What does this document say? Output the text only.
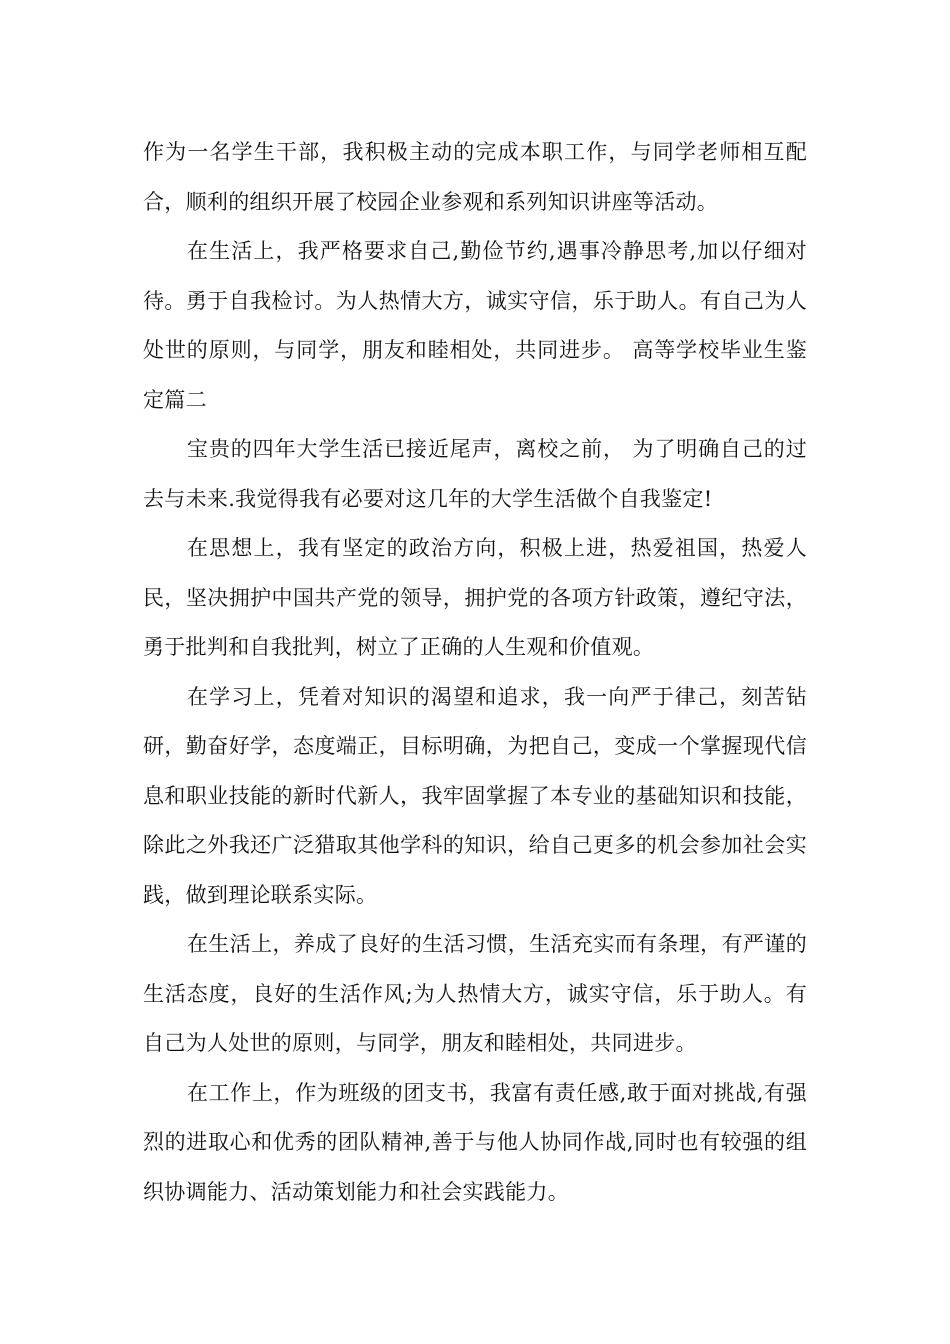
作为一名学生干部，我积极主动的完成本职工作，与同学老师相互配合，顺利的组织开展了校园企业参观和系列知识讲座等活动。

在生活上，我严格要求自己,勤俭节约,遇事冷静思考,加以仔细对待。勇于自我检讨。为人热情大方，诚实守信，乐于助人。有自己为人处世的原则，与同学，朋友和睦相处，共同进步。 高等学校毕业生鉴定篇二

宝贵的四年大学生活已接近尾声，离校之前， 为了明确自己的过去与未来.我觉得我有必要对这几年的大学生活做个自我鉴定!

在思想上，我有坚定的政治方向，积极上进，热爱祖国，热爱人民，坚决拥护中国共产党的领导，拥护党的各项方针政策，遵纪守法，勇于批判和自我批判，树立了正确的人生观和价值观。

在学习上，凭着对知识的渴望和追求，我一向严于律己，刻苦钻研，勤奋好学，态度端正，目标明确，为把自己，变成一个掌握现代信息和职业技能的新时代新人，我牢固掌握了本专业的基础知识和技能，除此之外我还广泛猎取其他学科的知识，给自己更多的机会参加社会实践，做到理论联系实际。

在生活上，养成了良好的生活习惯，生活充实而有条理，有严谨的生活态度，良好的生活作风;为人热情大方，诚实守信，乐于助人。有自己为人处世的原则，与同学，朋友和睦相处，共同进步。

在工作上，作为班级的团支书，我富有责任感,敢于面对挑战,有强烈的进取心和优秀的团队精神,善于与他人协同作战,同时也有较强的组织协调能力、活动策划能力和社会实践能力。
